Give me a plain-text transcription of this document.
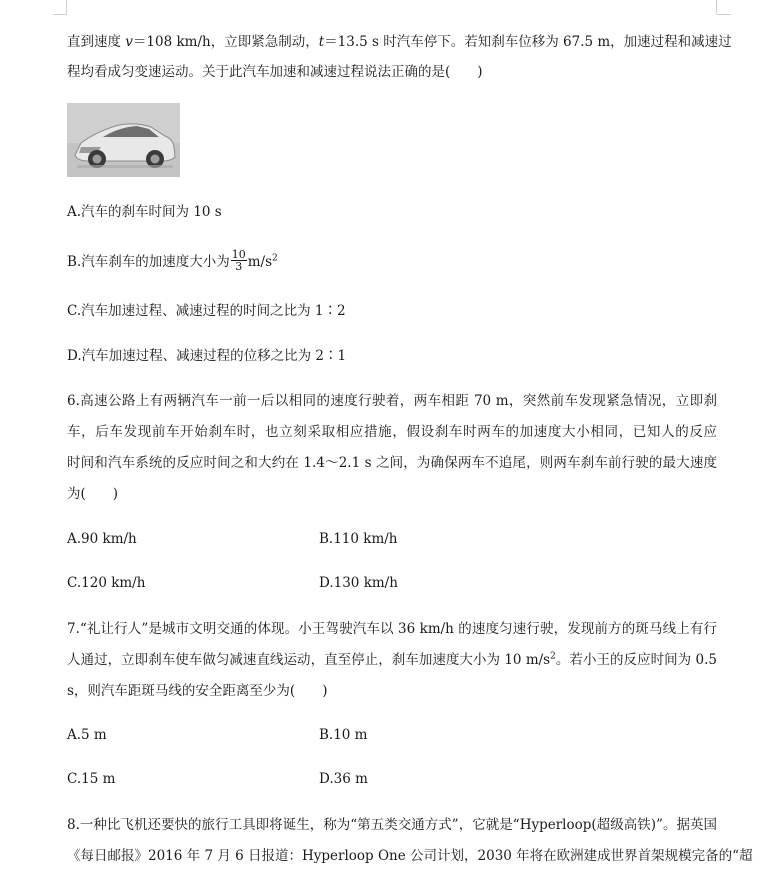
直到速度 v＝108 km/h，立即紧急制动，t＝13.5 s 时汽车停下。若知刹车位移为 67.5 m，加速过程和减速过
程均看成匀变速运动。关于此汽车加速和减速过程说法正确的是(　　)
A.汽车的刹车时间为 10 s
B.汽车刹车的加速度大小为 $\frac{10}{3} m/s^2$
C.汽车加速过程、减速过程的时间之比为 1∶2
D.汽车加速过程、减速过程的位移之比为 2∶1
6.高速公路上有两辆汽车一前一后以相同的速度行驶着，两车相距 70 m，突然前车发现紧急情况，立即刹
车，后车发现前车开始刹车时，也立刻采取相应措施，假设刹车时两车的加速度大小相同，已知人的反应
时间和汽车系统的反应时间之和大约在 1.4～2.1 s 之间，为确保两车不追尾，则两车刹车前行驶的最大速度
为(　　)
A.90 km/h	B.110 km/h
C.120 km/h	D.130 km/h
7.“礼让行人”是城市文明交通的体现。小王驾驶汽车以 36 km/h 的速度匀速行驶，发现前方的斑马线上有行
人通过，立即刹车使车做匀减速直线运动，直至停止，刹车加速度大小为 10 $m/s^2$。若小王的反应时间为 0.5
s，则汽车距斑马线的安全距离至少为(　　)
A.5 m	B.10 m
C.15 m	D.36 m
8.一种比飞机还要快的旅行工具即将诞生，称为“第五类交通方式”，它就是“Hyperloop(超级高铁)”。据英国
《每日邮报》2016 年 7 月 6 日报道：Hyperloop One 公司计划，2030 年将在欧洲建成世界首架规模完备的“超
